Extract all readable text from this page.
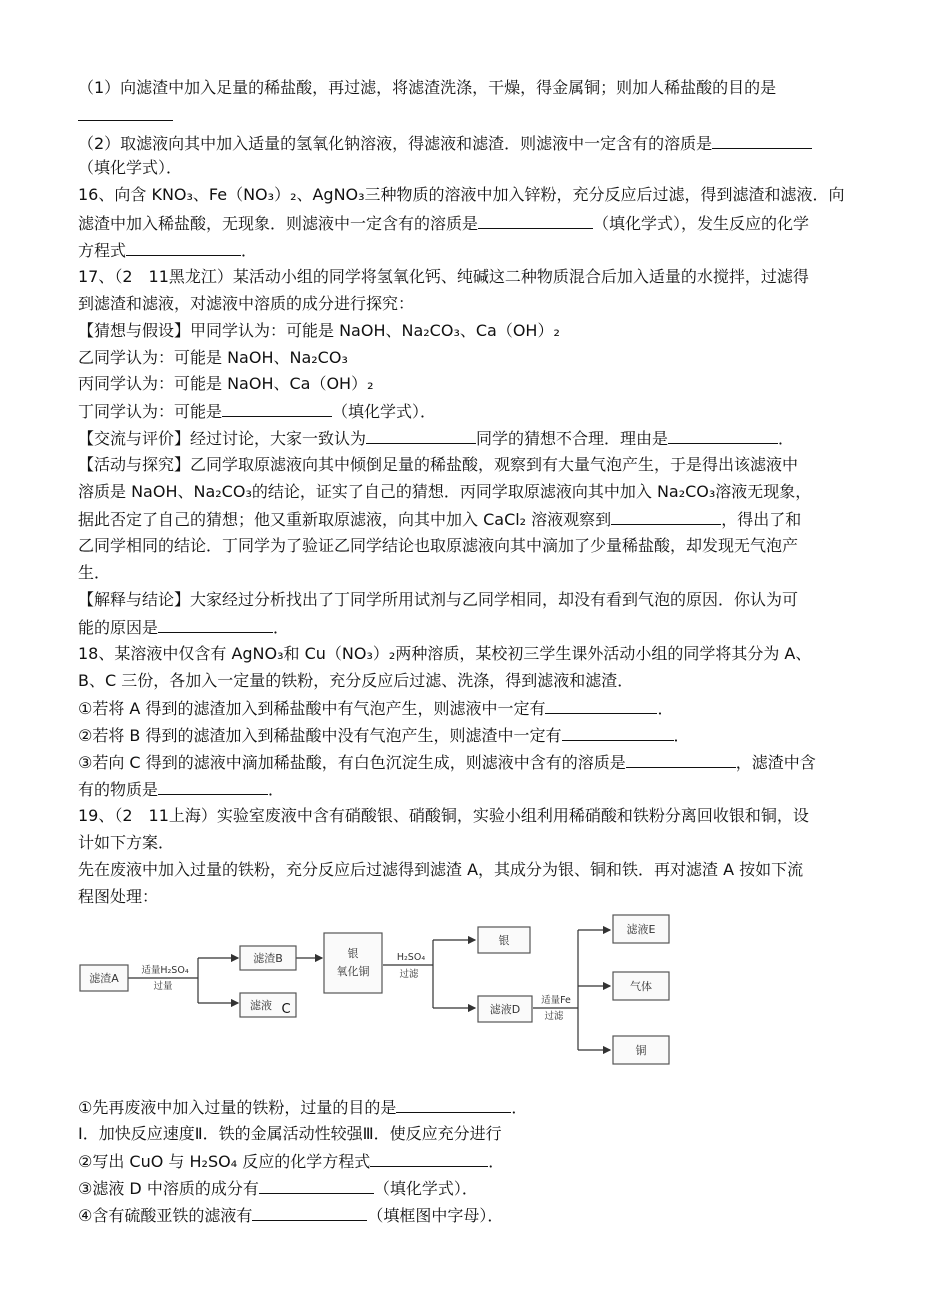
（1）向滤渣中加入足量的稀盐酸，再过滤，将滤渣洗涤，干燥，得金属铜；则加人稀盐酸的目的是
（2）取滤液向其中加入适量的氢氧化钠溶液，得滤液和滤渣．则滤液中一定含有的溶质是
（填化学式）．
16、向含 KNO₃、Fe（NO₃）₂、AgNO₃三种物质的溶液中加入锌粉，充分反应后过滤，得到滤渣和滤液．向
滤渣中加入稀盐酸，无现象．则滤液中一定含有的溶质是	（填化学式），发生反应的化学
方程式	．
17、（2　11黑龙江）某活动小组的同学将氢氧化钙、纯碱这二种物质混合后加入适量的水搅拌，过滤得
到滤渣和滤液，对滤液中溶质的成分进行探究：
【猜想与假设】甲同学认为：可能是 NaOH、Na₂CO₃、Ca（OH）₂
乙同学认为：可能是 NaOH、Na₂CO₃
丙同学认为：可能是 NaOH、Ca（OH）₂
丁同学认为：可能是	（填化学式）．
【交流与评价】经过讨论，大家一致认为	同学的猜想不合理．理由是	．
【活动与探究】乙同学取原滤液向其中倾倒足量的稀盐酸，观察到有大量气泡产生，于是得出该滤液中
溶质是 NaOH、Na₂CO₃的结论，证实了自己的猜想．丙同学取原滤液向其中加入 Na₂CO₃溶液无现象，
据此否定了自己的猜想；他又重新取原滤液，向其中加入 CaCl₂ 溶液观察到	，得出了和
乙同学相同的结论．丁同学为了验证乙同学结论也取原滤液向其中滴加了少量稀盐酸，却发现无气泡产
生．
【解释与结论】大家经过分析找出了丁同学所用试剂与乙同学相同，却没有看到气泡的原因．你认为可
能的原因是	．
18、某溶液中仅含有 AgNO₃和 Cu（NO₃）₂两种溶质，某校初三学生课外活动小组的同学将其分为 A、
B、C 三份，各加入一定量的铁粉，充分反应后过滤、洗涤，得到滤液和滤渣．
①若将 A 得到的滤渣加入到稀盐酸中有气泡产生，则滤液中一定有	．
②若将 B 得到的滤渣加入到稀盐酸中没有气泡产生，则滤渣中一定有	．
③若向 C 得到的滤液中滴加稀盐酸，有白色沉淀生成，则滤液中含有的溶质是	，滤渣中含
有的物质是	．
19、（2　11上海）实验室废液中含有硝酸银、硝酸铜，实验小组利用稀硝酸和铁粉分离回收银和铜，设
计如下方案．
先在废液中加入过量的铁粉，充分反应后过滤得到滤渣 A，其成分为银、铜和铁．再对滤渣 A 按如下流
程图处理：
滤渣A
滤渣B
滤液 C
银
氧化铜
银
滤液D
滤液E
气体
铜
适量H₂SO₄
过量
H₂SO₄
过滤
适量Fe
过滤
①先再废液中加入过量的铁粉，过量的目的是	．
Ⅰ．加快反应速度Ⅱ．铁的金属活动性较强Ⅲ．使反应充分进行
②写出 CuO 与 H₂SO₄ 反应的化学方程式	．
③滤液 D 中溶质的成分有	（填化学式）．
④含有硫酸亚铁的滤液有	（填框图中字母）．
